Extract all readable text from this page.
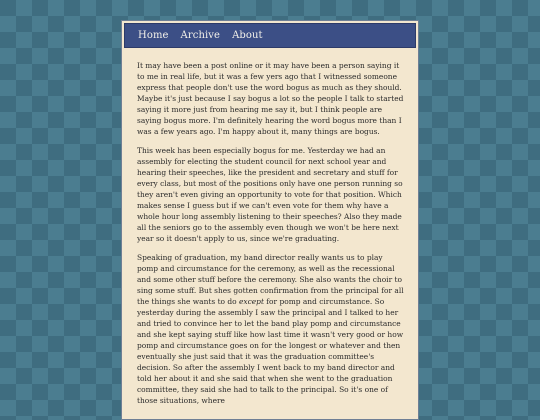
Home Archive About

It may have been a post online or it may have been a person saying it to me in real life, but it was a few yers ago that I witnessed someone express that people don't use the word bogus as much as they should. Maybe it's just because I say bogus a lot so the people I talk to started saying it more just from hearing me say it, but I think people are saying bogus more. I'm definitely hearing the word bogus more than I was a few years ago. I'm happy about it, many things are bogus.

This week has been especially bogus for me. Yesterday we had an assembly for electing the student council for next school year and hearing their speeches, like the president and secretary and stuff for every class, but most of the positions only have one person running so they aren't even giving an opportunity to vote for that position. Which makes sense I guess but if we can't even vote for them why have a whole hour long assembly listening to their speeches? Also they made all the seniors go to the assembly even though we won't be here next year so it doesn't apply to us, since we're graduating.

Speaking of graduation, my band director really wants us to play pomp and circumstance for the ceremony, as well as the recessional and some other stuff before the ceremony. She also wants the choir to sing some stuff. But shes gotten confirmation from the principal for all the things she wants to do except for pomp and circumstance. So yesterday during the assembly I saw the principal and I talked to her and tried to convince her to let the band play pomp and circumstance and she kept saying stuff like how last time it wasn't very good or how pomp and circumstance goes on for the longest or whatever and then eventually she just said that it was the graduation committee's decision. So after the assembly I went back to my band director and told her about it and she said that when she went to the graduation committee, they said she had to talk to the principal. So it's one of those situations, where
